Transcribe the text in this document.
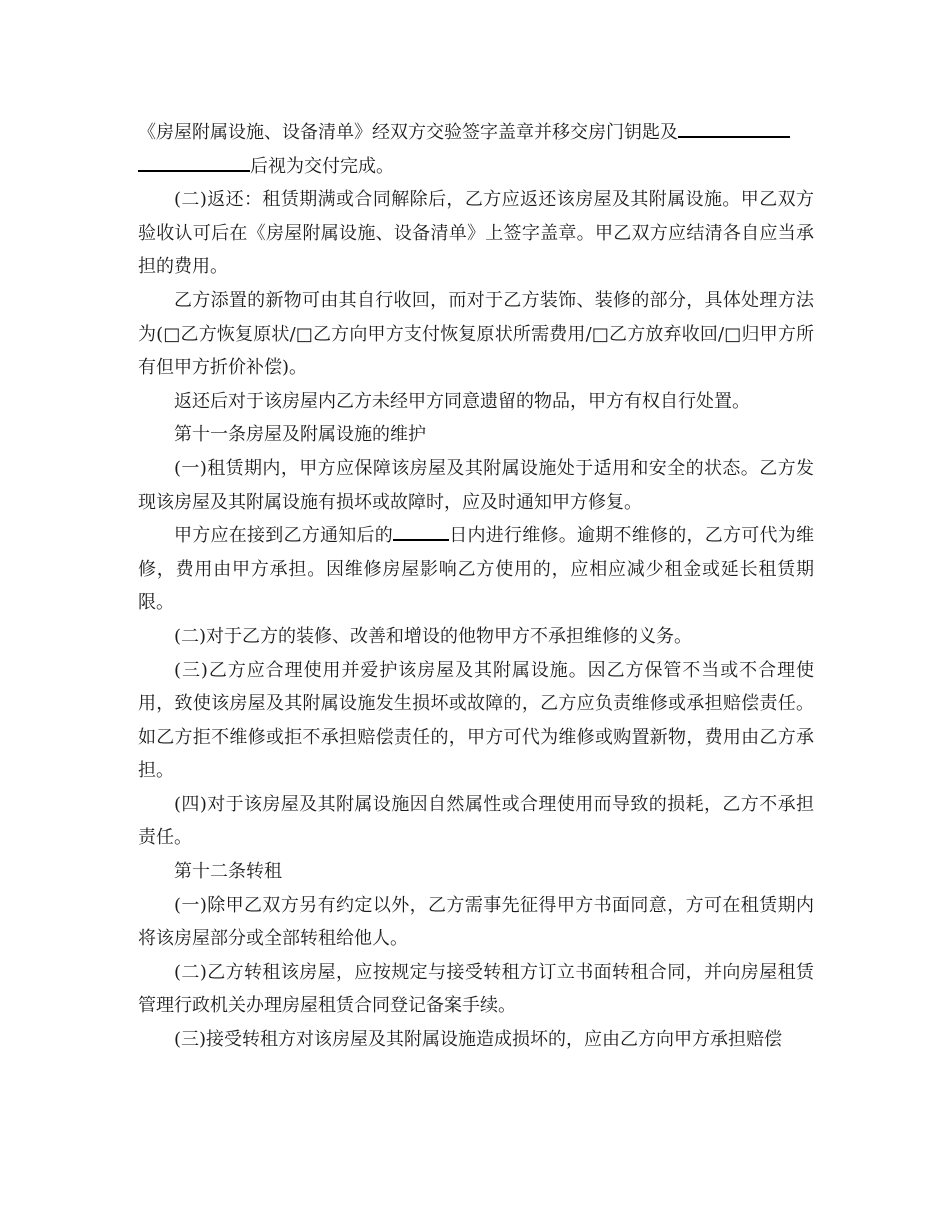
《房屋附属设施、设备清单》经双方交验签字盖章并移交房门钥匙及
后视为交付完成。

(二)返还：租赁期满或合同解除后，乙方应返还该房屋及其附属设施。甲乙双方验收认可后在《房屋附属设施、设备清单》上签字盖章。甲乙双方应结清各自应当承担的费用。

乙方添置的新物可由其自行收回，而对于乙方装饰、装修的部分，具体处理方法为(□乙方恢复原状/□乙方向甲方支付恢复原状所需费用/□乙方放弃收回/□归甲方所有但甲方折价补偿)。

返还后对于该房屋内乙方未经甲方同意遗留的物品，甲方有权自行处置。

第十一条房屋及附属设施的维护

(一)租赁期内，甲方应保障该房屋及其附属设施处于适用和安全的状态。乙方发现该房屋及其附属设施有损坏或故障时，应及时通知甲方修复。

甲方应在接到乙方通知后的	日内进行维修。逾期不维修的，乙方可代为维修，费用由甲方承担。因维修房屋影响乙方使用的，应相应减少租金或延长租赁期限。

(二)对于乙方的装修、改善和增设的他物甲方不承担维修的义务。

(三)乙方应合理使用并爱护该房屋及其附属设施。因乙方保管不当或不合理使用，致使该房屋及其附属设施发生损坏或故障的，乙方应负责维修或承担赔偿责任。如乙方拒不维修或拒不承担赔偿责任的，甲方可代为维修或购置新物，费用由乙方承担。

(四)对于该房屋及其附属设施因自然属性或合理使用而导致的损耗，乙方不承担责任。

第十二条转租

(一)除甲乙双方另有约定以外，乙方需事先征得甲方书面同意，方可在租赁期内将该房屋部分或全部转租给他人。

(二)乙方转租该房屋，应按规定与接受转租方订立书面转租合同，并向房屋租赁管理行政机关办理房屋租赁合同登记备案手续。

(三)接受转租方对该房屋及其附属设施造成损坏的，应由乙方向甲方承担赔偿
